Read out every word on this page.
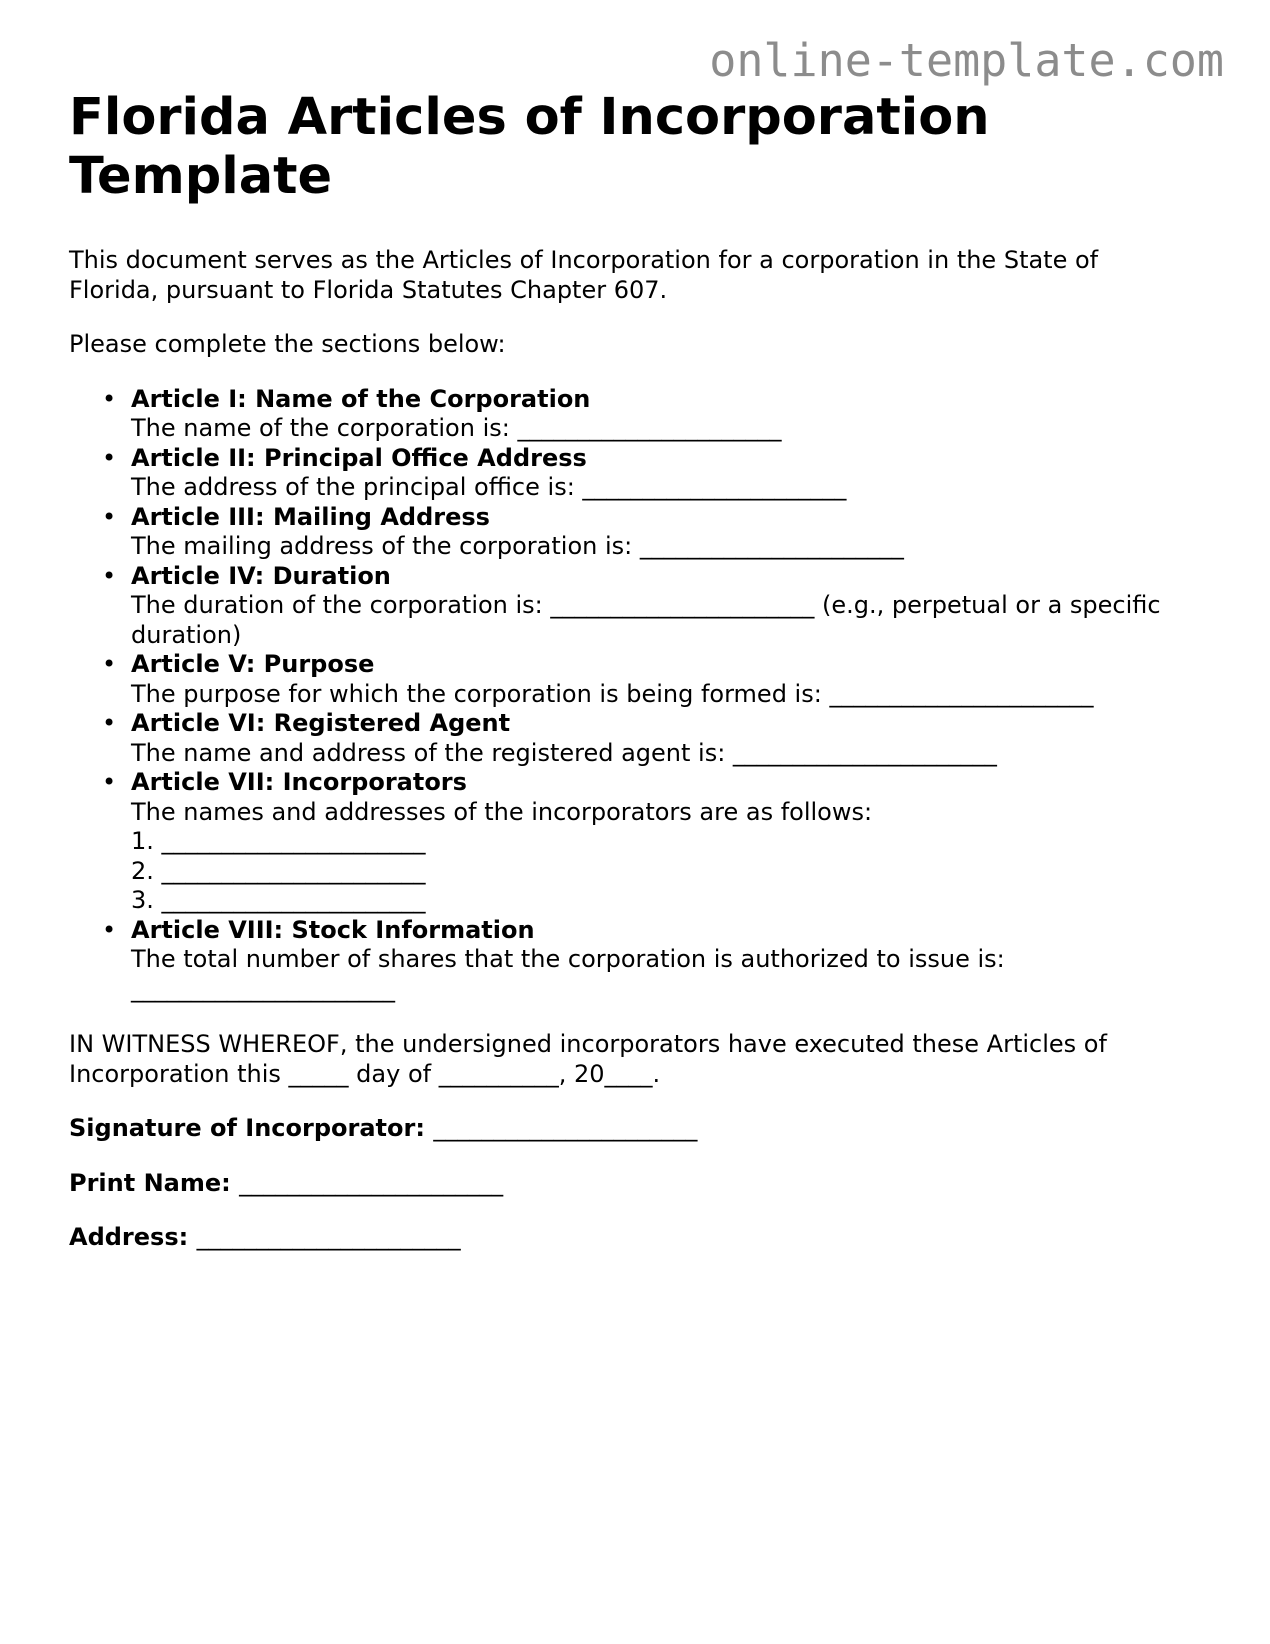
online-template.com
Florida Articles of Incorporation Template

This document serves as the Articles of Incorporation for a corporation in the State of Florida, pursuant to Florida Statutes Chapter 607.

Please complete the sections below:

• Article I: Name of the Corporation
The name of the corporation is: ______________________
• Article II: Principal Office Address
The address of the principal office is: ______________________
• Article III: Mailing Address
The mailing address of the corporation is: ______________________
• Article IV: Duration
The duration of the corporation is: ______________________ (e.g., perpetual or a specific duration)
• Article V: Purpose
The purpose for which the corporation is being formed is: ______________________
• Article VI: Registered Agent
The name and address of the registered agent is: ______________________
• Article VII: Incorporators
The names and addresses of the incorporators are as follows:
1. ______________________
2. ______________________
3. ______________________
• Article VIII: Stock Information
The total number of shares that the corporation is authorized to issue is: ______________________

IN WITNESS WHEREOF, the undersigned incorporators have executed these Articles of Incorporation this _____ day of __________, 20____.

Signature of Incorporator: ______________________

Print Name: ______________________

Address: ______________________
